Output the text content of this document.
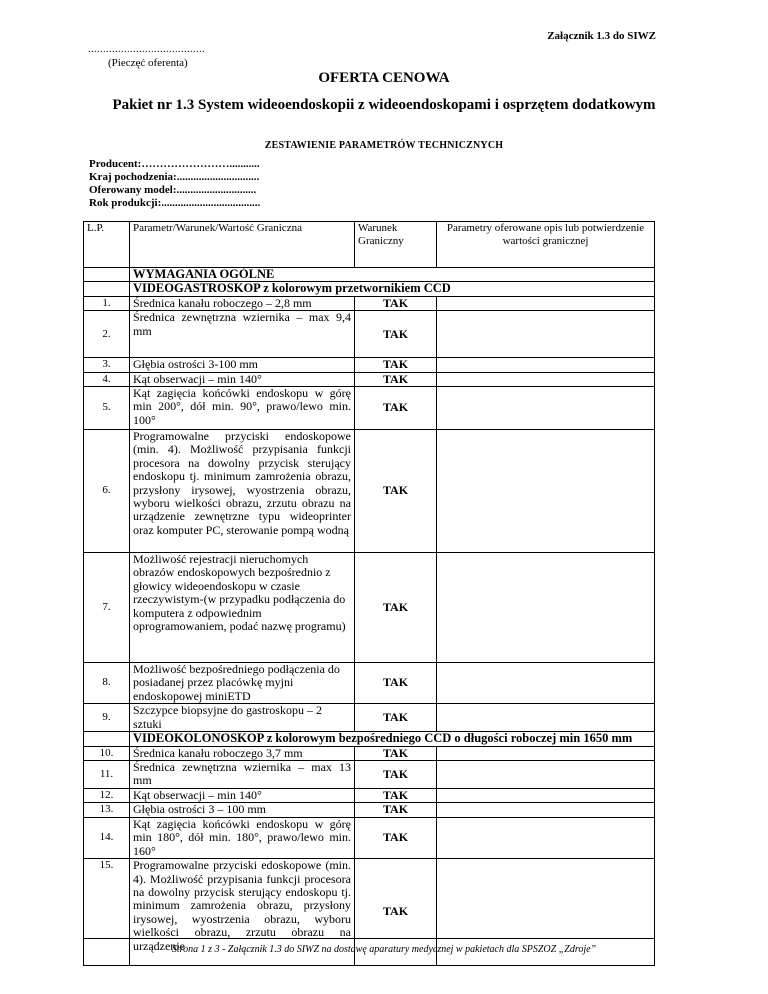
Załącznik 1.3 do SIWZ
.......................................
(Pieczęć oferenta)
OFERTA CENOWA
Pakiet nr 1.3 System wideoendoskopii z wideoendoskopami i osprzętem dodatkowym
ZESTAWIENIE PARAMETRÓW TECHNICZNYCH
Producent:……………………...........
Kraj pochodzenia:..............................
Oferowany model:.............................
Rok produkcji:....................................
L.P.	Parametr/Warunek/Wartość Graniczna	Warunek Graniczny	Parametry oferowane opis lub potwierdzenie wartości granicznej
	WYMAGANIA OGÓLNE		
	VIDEOGASTROSKOP z kolorowym przetwornikiem CCD		
1.	Średnica kanału roboczego – 2,8 mm	TAK	
2.	Średnica zewnętrzna wziernika – max 9,4 mm	TAK	
3.	Głębia ostrości 3-100 mm	TAK	
4.	Kąt obserwacji – min 140°	TAK	
5.	Kąt zagięcia końcówki endoskopu w górę min 200°, dół min. 90°, prawo/lewo min. 100°	TAK	
6.	Programowalne przyciski endoskopowe (min. 4). Możliwość przypisania funkcji procesora na dowolny przycisk sterujący endoskopu tj. minimum zamrożenia obrazu, przysłony irysowej, wyostrzenia obrazu, wyboru wielkości obrazu, zrzutu obrazu na urządzenie zewnętrzne typu wideoprinter oraz komputer PC, sterowanie pompą wodną	TAK	
7.	Możliwość rejestracji nieruchomych obrazów endoskopowych bezpośrednio z głowicy wideoendoskopu w czasie rzeczywistym-(w przypadku podłączenia do komputera z odpowiednim oprogramowaniem, podać nazwę programu)	TAK	
8.	Możliwość bezpośredniego podłączenia do posiadanej przez placówkę myjni endoskopowej miniETD	TAK	
9.	Szczypce biopsyjne do gastroskopu – 2 sztuki	TAK	
	VIDEOKOLONOSKOP z kolorowym bezpośredniego CCD o długości roboczej min 1650 mm		
10.	Średnica kanału roboczego 3,7 mm	TAK	
11.	Średnica zewnętrzna wziernika – max 13 mm	TAK	
12.	Kąt obserwacji – min 140°	TAK	
13.	Głębia ostrości 3 – 100 mm	TAK	
14.	Kąt zagięcia końcówki endoskopu w górę min 180°, dół min. 180°, prawo/lewo min. 160°	TAK	
15.	Programowalne przyciski edoskopowe (min. 4). Możliwość przypisania funkcji procesora na dowolny przycisk sterujący endoskopu tj. minimum zamrożenia obrazu, przysłony irysowej, wyostrzenia obrazu, wyboru wielkości obrazu, zrzutu obrazu na urządzenie	TAK	
Strona 1 z 3 - Załącznik 1.3 do SIWZ na dostawę aparatury medycznej w pakietach dla SPSZOZ „Zdroje”
